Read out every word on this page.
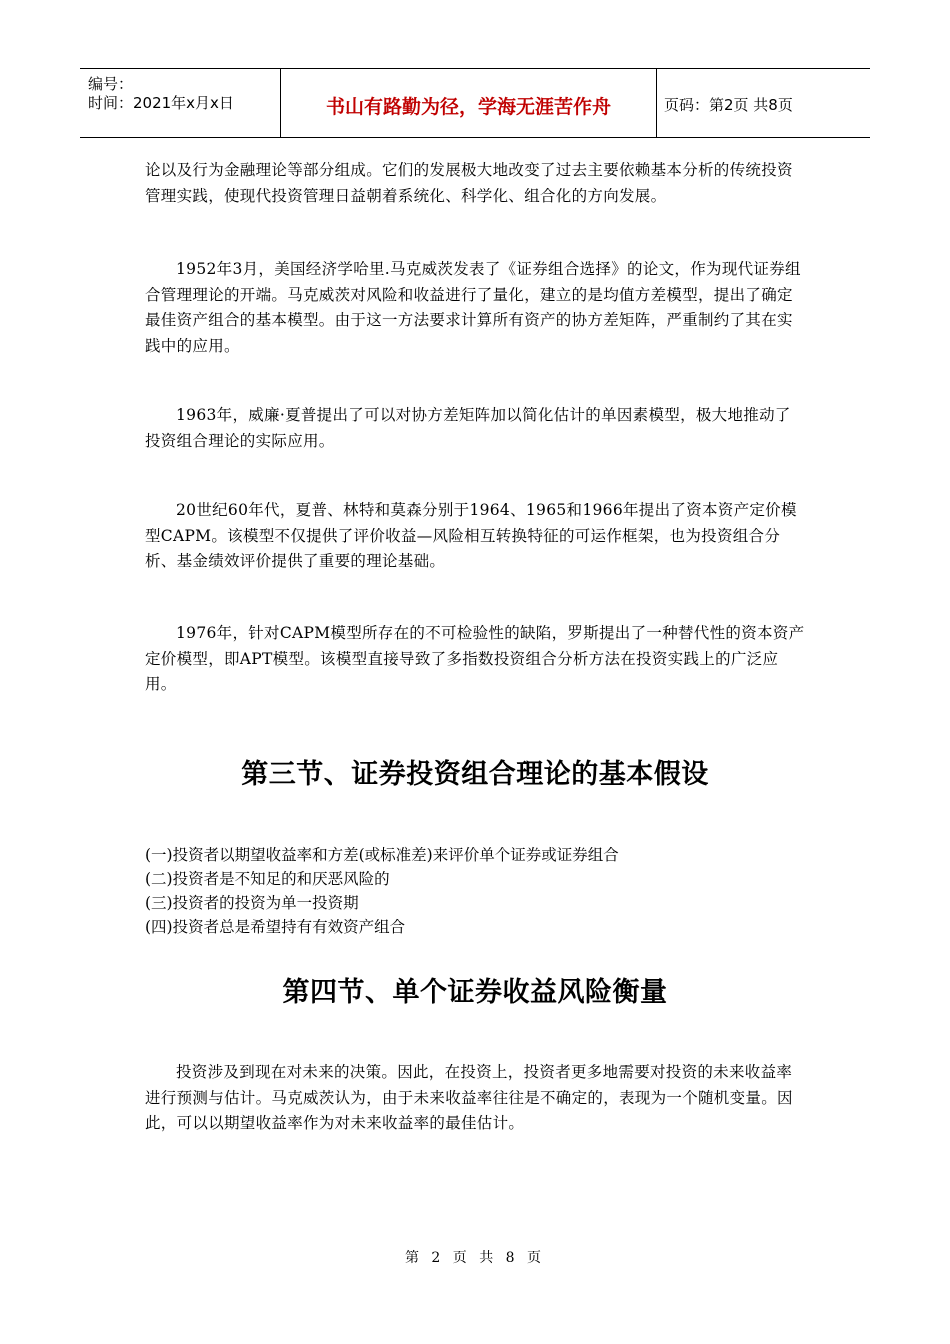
编号：
时间：2021年x月x日	书山有路勤为径，学海无涯苦作舟	页码：第2页 共8页

论以及行为金融理论等部分组成。它们的发展极大地改变了过去主要依赖基本分析的传统投资管理实践，使现代投资管理日益朝着系统化、科学化、组合化的方向发展。

1952年3月，美国经济学哈里.马克威茨发表了《证券组合选择》的论文，作为现代证券组合管理理论的开端。马克威茨对风险和收益进行了量化，建立的是均值方差模型，提出了确定最佳资产组合的基本模型。由于这一方法要求计算所有资产的协方差矩阵，严重制约了其在实践中的应用。

1963年，威廉·夏普提出了可以对协方差矩阵加以简化估计的单因素模型，极大地推动了投资组合理论的实际应用。

20世纪60年代，夏普、林特和莫森分别于1964、1965和1966年提出了资本资产定价模型CAPM。该模型不仅提供了评价收益—风险相互转换特征的可运作框架，也为投资组合分析、基金绩效评价提供了重要的理论基础。

1976年，针对CAPM模型所存在的不可检验性的缺陷，罗斯提出了一种替代性的资本资产定价模型，即APT模型。该模型直接导致了多指数投资组合分析方法在投资实践上的广泛应用。

第三节、证券投资组合理论的基本假设

(一)投资者以期望收益率和方差(或标准差)来评价单个证券或证券组合

(二)投资者是不知足的和厌恶风险的

(三)投资者的投资为单一投资期

(四)投资者总是希望持有有效资产组合

第四节、单个证券收益风险衡量

投资涉及到现在对未来的决策。因此，在投资上，投资者更多地需要对投资的未来收益率进行预测与估计。马克威茨认为，由于未来收益率往往是不确定的，表现为一个随机变量。因此，可以以期望收益率作为对未来收益率的最佳估计。

第 2 页 共 8 页
